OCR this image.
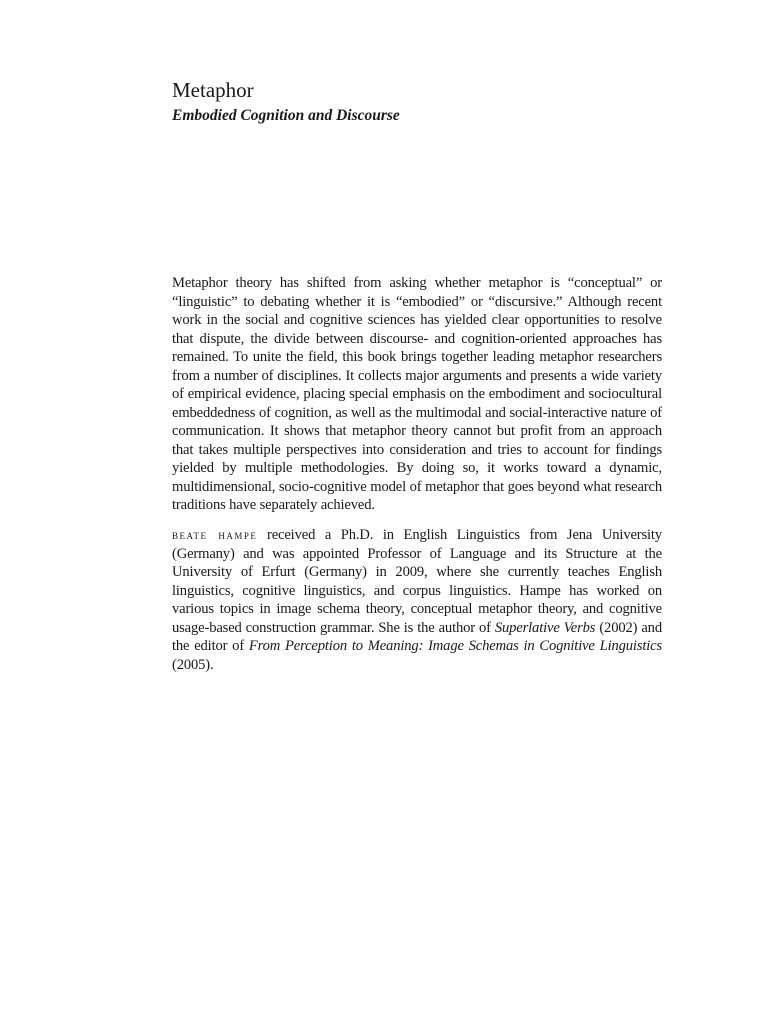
Metaphor
Embodied Cognition and Discourse

Metaphor theory has shifted from asking whether metaphor is “conceptual” or “linguistic” to debating whether it is “embodied” or “discursive.” Although recent work in the social and cognitive sciences has yielded clear opportunities to resolve that dispute, the divide between discourse- and cognition-oriented approaches has remained. To unite the field, this book brings together leading metaphor researchers from a number of disciplines. It collects major arguments and presents a wide variety of empirical evidence, placing special emphasis on the embodiment and sociocultural embeddedness of cognition, as well as the multimodal and social-interactive nature of communication. It shows that metaphor theory cannot but profit from an approach that takes multiple perspectives into consideration and tries to account for findings yielded by multiple methodologies. By doing so, it works toward a dynamic, multidimensional, socio-cognitive model of metaphor that goes beyond what research traditions have separately achieved.

beate hampe received a Ph.D. in English Linguistics from Jena University (Germany) and was appointed Professor of Language and its Structure at the University of Erfurt (Germany) in 2009, where she currently teaches English linguistics, cognitive linguistics, and corpus linguistics. Hampe has worked on various topics in image schema theory, conceptual metaphor theory, and cognitive usage-based construction grammar. She is the author of Superlative Verbs (2002) and the editor of From Perception to Meaning: Image Schemas in Cognitive Linguistics (2005).
